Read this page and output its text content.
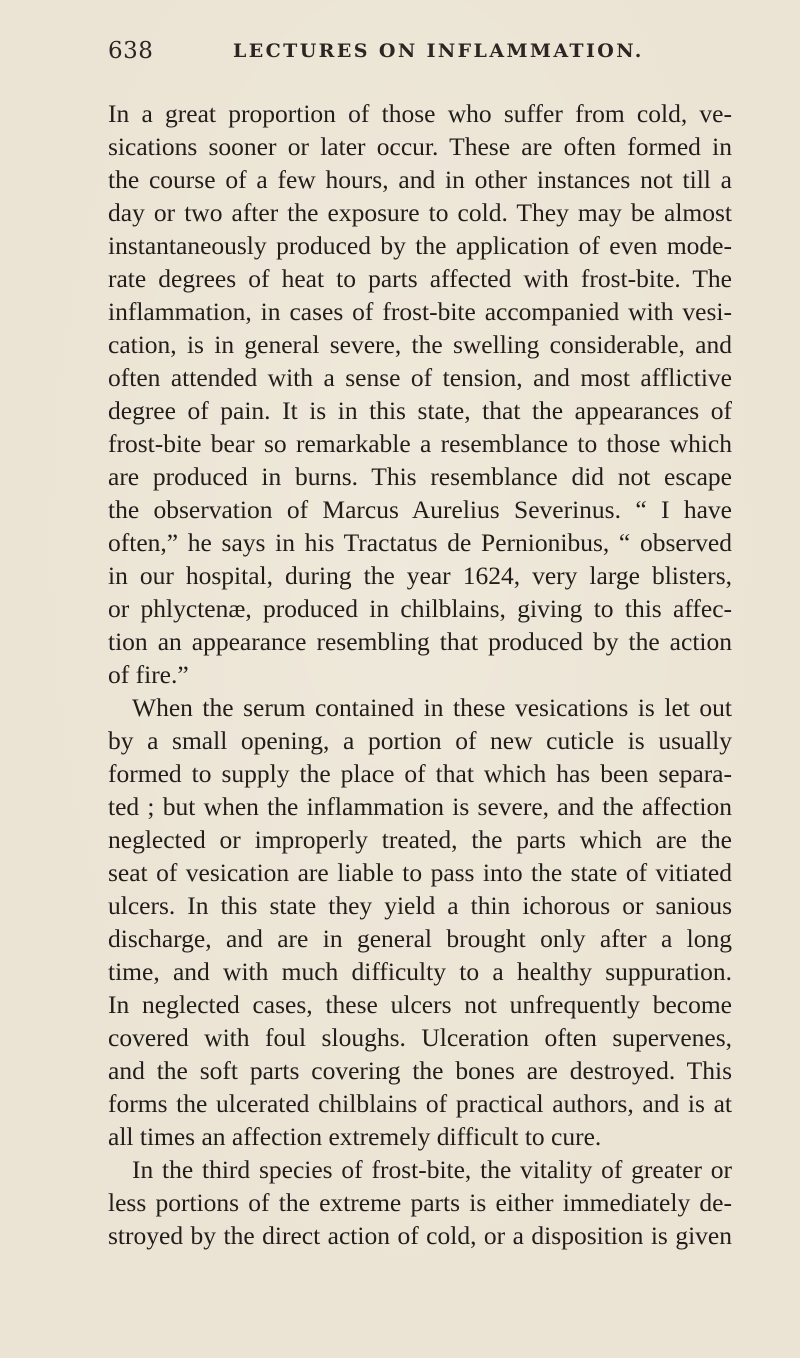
638	LECTURES ON INFLAMMATION.
In a great proportion of those who suffer from cold, ve-
sications sooner or later occur. These are often formed in
the course of a few hours, and in other instances not till a
day or two after the exposure to cold. They may be almost
instantaneously produced by the application of even mode-
rate degrees of heat to parts affected with frost-bite. The
inflammation, in cases of frost-bite accompanied with vesi-
cation, is in general severe, the swelling considerable, and
often attended with a sense of tension, and most afflictive
degree of pain. It is in this state, that the appearances of
frost-bite bear so remarkable a resemblance to those which
are produced in burns. This resemblance did not escape
the observation of Marcus Aurelius Severinus. “ I have
often,” he says in his Tractatus de Pernionibus, “ observed
in our hospital, during the year 1624, very large blisters,
or phlyctenæ, produced in chilblains, giving to this affec-
tion an appearance resembling that produced by the action
of fire.”
When the serum contained in these vesications is let out
by a small opening, a portion of new cuticle is usually
formed to supply the place of that which has been separa-
ted ; but when the inflammation is severe, and the affection
neglected or improperly treated, the parts which are the
seat of vesication are liable to pass into the state of vitiated
ulcers. In this state they yield a thin ichorous or sanious
discharge, and are in general brought only after a long
time, and with much difficulty to a healthy suppuration.
In neglected cases, these ulcers not unfrequently become
covered with foul sloughs. Ulceration often supervenes,
and the soft parts covering the bones are destroyed. This
forms the ulcerated chilblains of practical authors, and is at
all times an affection extremely difficult to cure.
In the third species of frost-bite, the vitality of greater or
less portions of the extreme parts is either immediately de-
stroyed by the direct action of cold, or a disposition is given
